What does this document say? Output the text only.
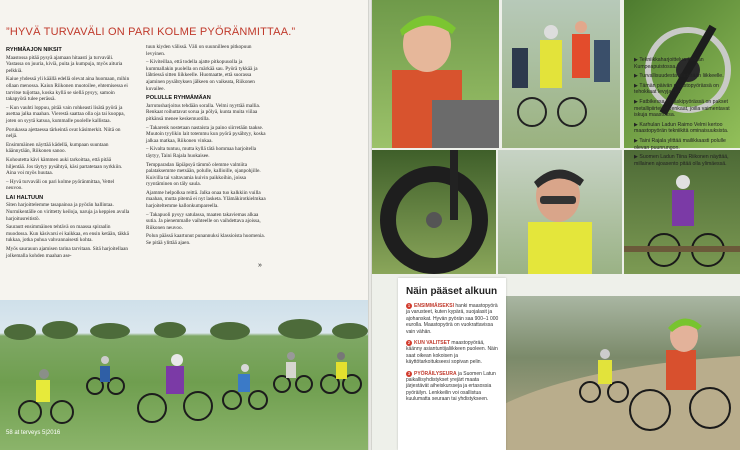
”HYVÄ TURVAVÄLI ON PARI KOLME PYÖRÄNMITTAA.”
RYHMÄAJON NIKSIT

Maastossa pitää pysyä ajamaan hitaasti ja turvaväli. Vastassa on juuria, kiviä, puita ja kumpuja, myös aituria pelkkiä.

Kaiue yhdessä yli käällä edellä olevat aina huomaan, mihin ollaan menossa. Kaiun Riikonen muotoilee, ehtemisessa ei tarvitse tuijottaa, koska kyllä se siellä pysyy, samoin takapyörä tulee perässä.

– Kun vauhti loppuu, pitää vain rohkeasti lisätä pyörä ja asettaa jalka maahan. Vierestä saattaa olla oja tai kuoppa, joten on syytä katsoa, kummalle puolelle kallistaa.

Porukassa ajettaessa tärkeintä ovat käsimerkit. Niitä on neljä.

Ensimmäinen näyttää kädellä, kumpaan suuntaan käännytään, Riikonen sanoo.

Kohoutetta kävi kämmen auki tarkoittaa, että pitää hiljentää. Jos täytyy pysähtyä, käsi partatetaan nyrkkiin. Aina voi myös huutaa.

– Hyvä turvaväli on pari kolme pyöränmittaa, Vettel neuvoo.

LAI HALTUUN

Siten harjoittelemme tasapainoa ja pyörän hallintaa. Nurmikentälle on virittetty keiloja, naruja ja keppien avulla harjoitusreitistö.

Saurautt ensimmäinen tehtävä on maassa spiraalin muodossa. Kun käsivarsi ei kaikkaa, en ensin ketään, täkkä tukkaa, jotka puhua vahvannaisesti kohta.

Myös saurauun ajamisen tarina tarvitaan. Sitä harjoitellaan jolkemalla kohden maahan ase-

tuun kiyden välissä. Väli on suunnilleen pitkopuun levyinen.

– Kiviteillaa, että todella ajatte pitkopuuolla ja kummallakin puolella on märkää sau. Pyörä tykkää ja lähtiessä sitten liikkeelle. Huomaatte, että suorassa ajaminen pysähtyksen jälkeen on vaikeata, Riikonen kuvailee.

POLULLE RYHMÄMÄAN

Jarrutusharjoitus tehdään soralla. Velmi nyyttää mallia. Renkaat roihuttavat sorua ja pölyä, kunta muita viilaa pitkänsä menee keskemuotilla.

– Takarenk nostetaan nastaista ja paino siirretään taakse. Muutoin tyylikin lait totemmu kun pyörä pysähtyy, koska jalkaa matkaa, Riikonen vinkaa.

– Kivalta tuntuu, mutta kyllä tätä hommaa harjoitella täytyy, Taini Rajala huokaisee.

Tempparadan läpiäpsyä tämmö olemme valmiita palataksemme metsään, polulle, kallioille, ojanpohjille. Kuivilla tai valtavamia kuivin paikkoihin, joissa ryyntäminen on täly saula.

Ajamme helpolksa reittä. Jalka onaa tuo kalkkiin vuilla maahan, mutta pitemä ei nyt lasketa. Ylämäkirotkielmkaa harjoiteltemme kallonkumpareella.

– Takapuoli pysyy satulassa, maaten takaviemas alkaa sutia. Ja pienemmalle vaihteelle on vaihdettava ajoissa, Riikonen neuvoo.

Polun päässä kaartunut punannuksi klassioista huomenia. Se pitää ylittää ajaen.

»
58 at terveys 5|2016

▶ Tekniikkaharjoitteluа Kotkan Kumpeapuistossa.

▶ Turvallisuudesta lähdetään liikkeelle.

▶ Tämän päivän maastopyörässä on tehokkaat levyjarrut.

▶ Fatbikessa eli läskipyörässä on pakset metallipiirteiset renkaat, joilla vaimentavat iskuja maastossa.

▶ Karhulan Ladun Raimo Velmi kertoo maastopyörän tekniikitä ominaisuuksista.

▶ Taini Rajala ylittää mailikkaasti polulle olevan puunrungon.

▶ Suomen Ladun Tiina Riikonen näyttää, millainen ajoasento pitää olla ylimäessä.

Näin pääset alkuun
1 ENSIMMÄISEKSI hanki maastopyörä ja varusteet, kuten kypärä, suojalasit ja ajohanskat. Hyvän pyörän saa 900–1 000 eurolla. Maastopyörä on vuokrattavissa vain vähän.
2 KUN VALITSET maastopyörää, käänny asiantuntijaliikkeen puoleen. Näin saat oikean kokoisen ja käyttötarkoitukseesi sopivan pelin.
3 PYÖRÄILYSEURA ja Suomen Latun paikallisyhdistykset yrejärt maata järjestävät aiheiskursseja ja ertasossia pyöräilyn. Lenkkeilin voi osallistua kuulumatta seuraan tai yhdistykseen.
